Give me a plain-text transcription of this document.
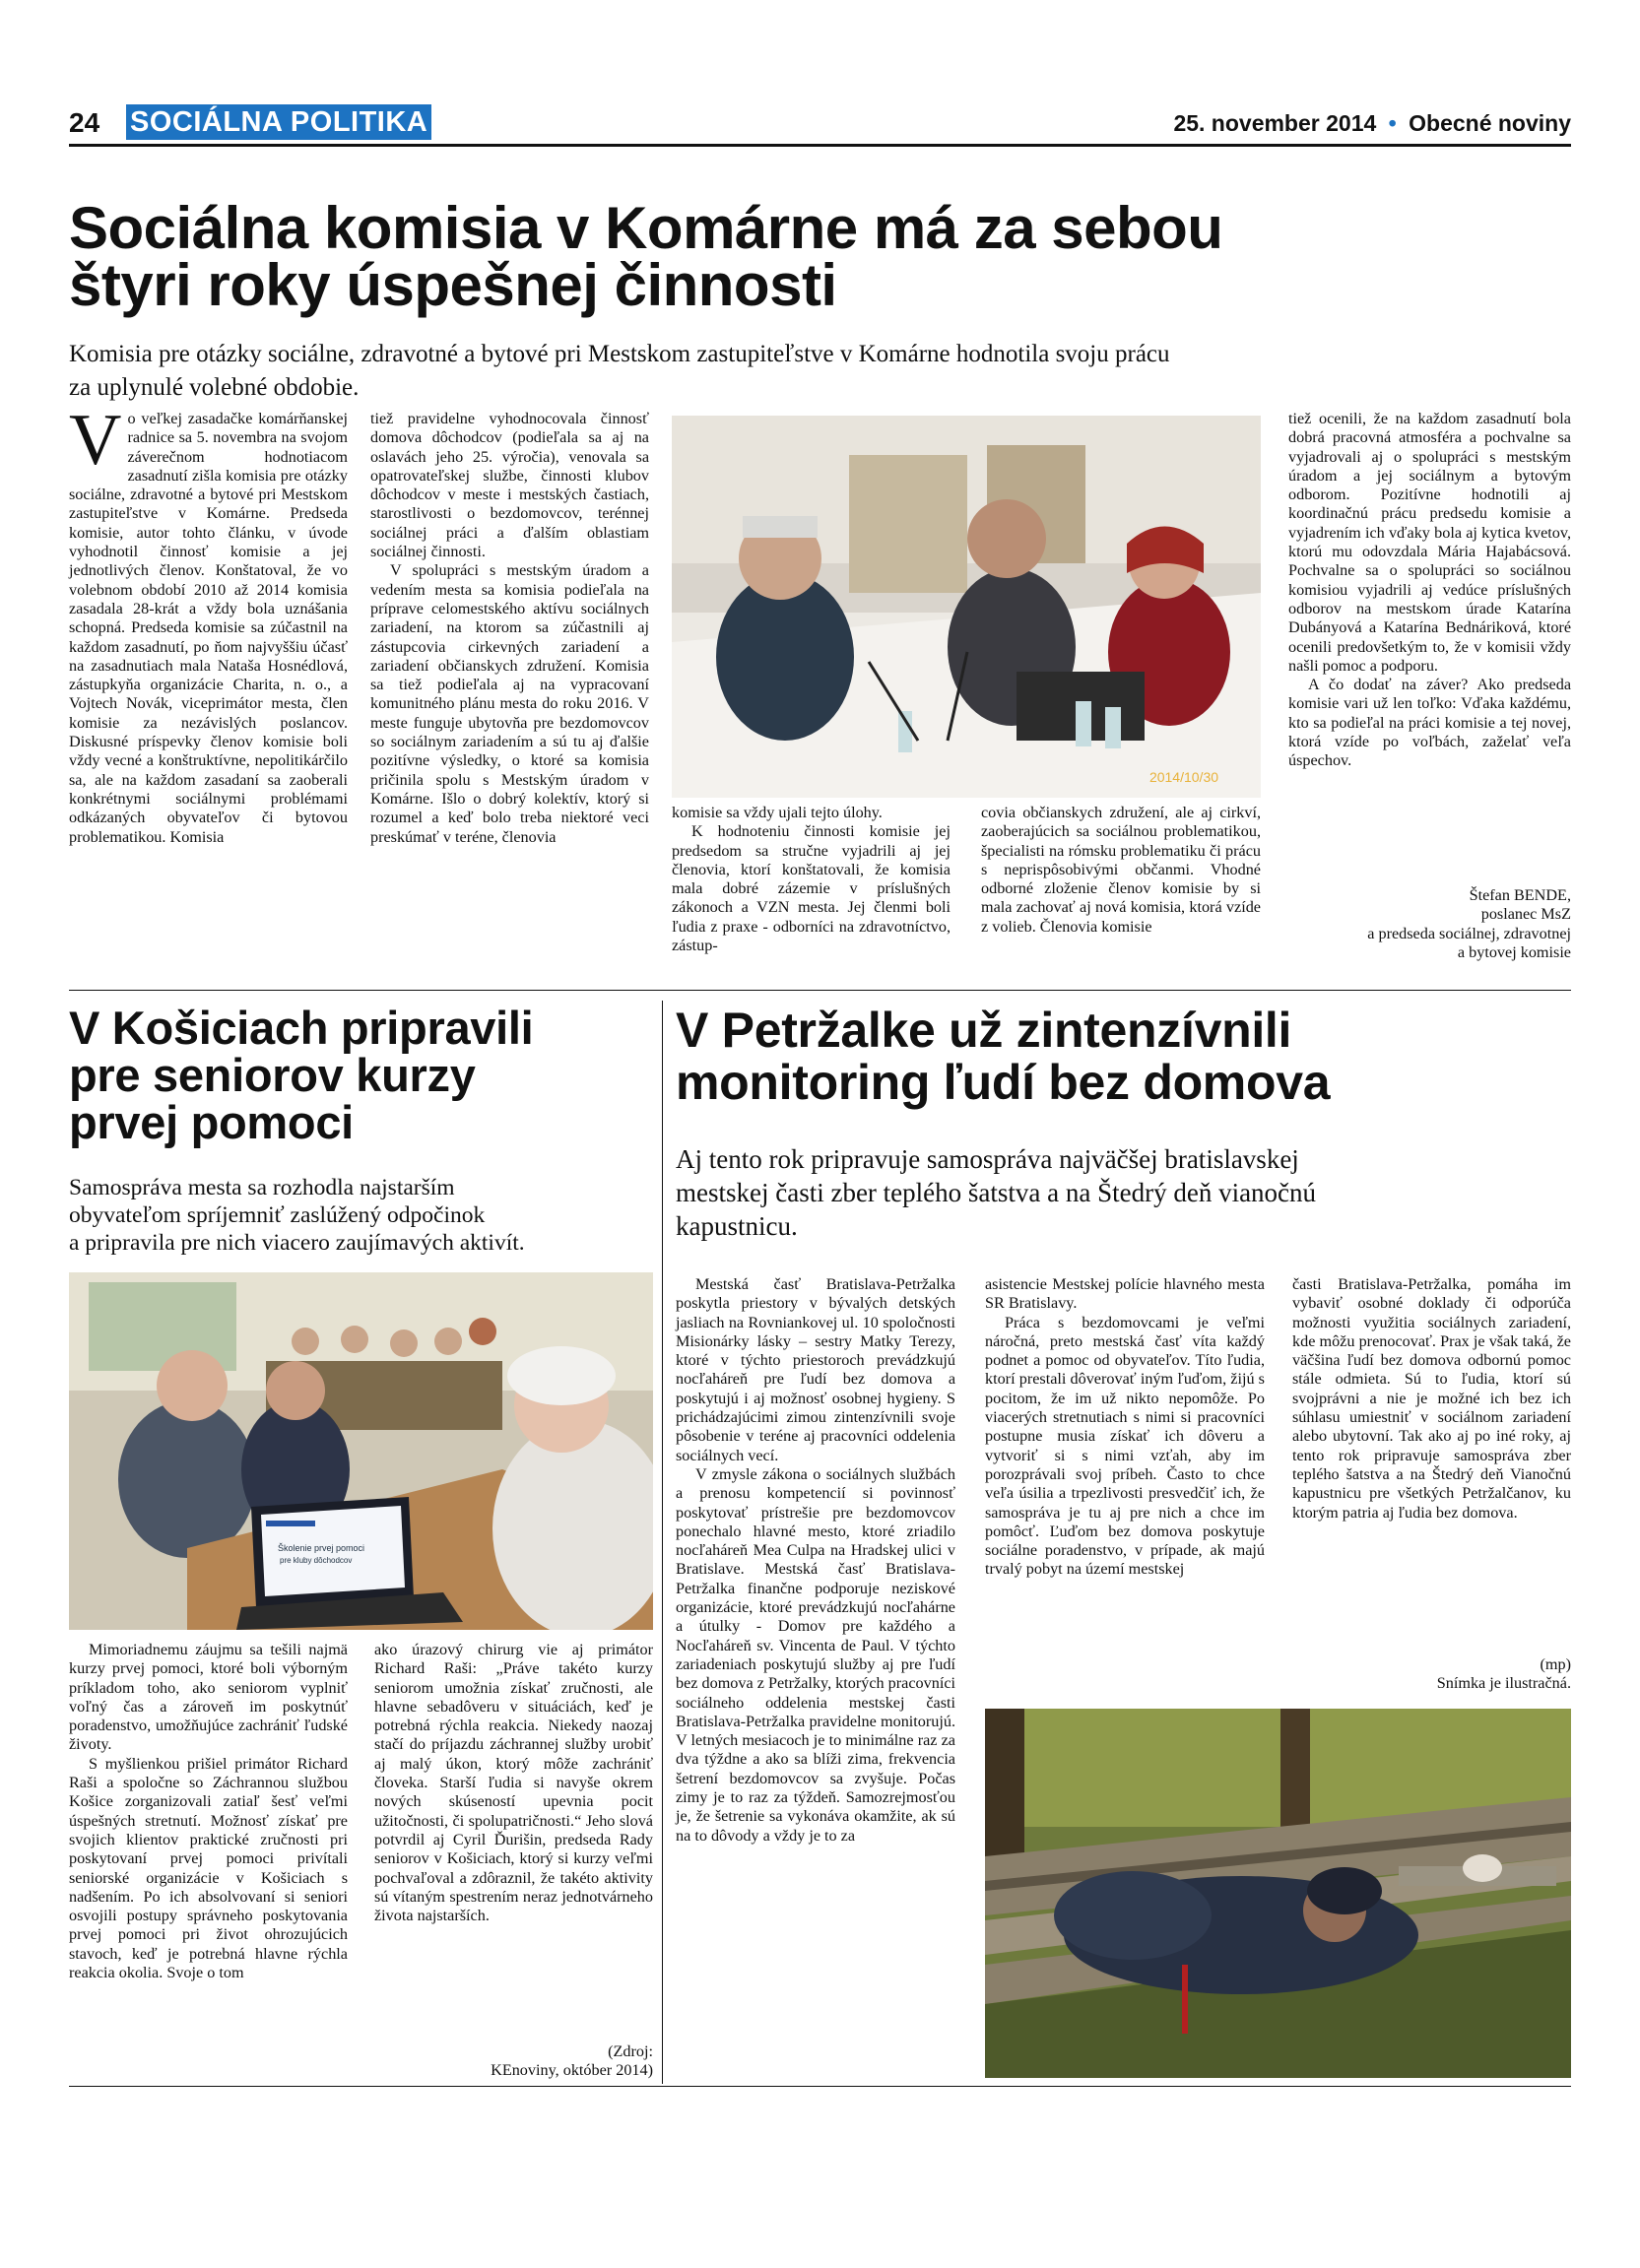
24 SOCIÁLNA POLITIKA	25. november 2014 • Obecné noviny
Sociálna komisia v Komárne má za sebou
štyri roky úspešnej činnosti
Komisia pre otázky sociálne, zdravotné a bytové pri Mestskom zastupiteľstve v Komárne hodnotila svoju prácu
za uplynulé volebné obdobie.

Vo veľkej zasadačke komárňanskej radnice sa 5. novembra na svojom záverečnom hodnotiacom zasadnutí zišla komisia pre otázky sociálne, zdravotné a bytové pri Mestskom zastupiteľstve v Komárne. Predseda komisie, autor tohto článku, v úvode vyhodnotil činnosť komisie a jej jednotlivých členov. Konštatoval, že vo volebnom období 2010 až 2014 komisia zasadala 28-krát a vždy bola uznášania schopná. Predseda komisie sa zúčastnil na každom zasadnutí, po ňom najvyššiu účasť na zasadnutiach mala Nataša Hosnédlová, zástupkyňa organizácie Charita, n. o., a Vojtech Novák, viceprimátor mesta, člen komisie za nezávislých poslancov. Diskusné príspevky členov komisie boli vždy vecné a konštruktívne, nepolitikárčilo sa, ale na každom zasadaní sa zaoberali konkrétnymi sociálnymi problémami odkázaných obyvateľov či bytovou problematikou. Komisia

tiež pravidelne vyhodnocovala činnosť domova dôchodcov (podieľala sa aj na oslavách jeho 25. výročia), venovala sa opatrovateľskej službe, činnosti klubov dôchodcov v meste i mestských častiach, starostlivosti o bezdomovcov, terénnej sociálnej práci a ďalším oblastiam sociálnej činnosti.

V spolupráci s mestským úradom a vedením mesta sa komisia podieľala na príprave celomestského aktívu sociálnych zariadení, na ktorom sa zúčastnili aj zástupcovia cirkevných zariadení a zariadení občianskych združení. Komisia sa tiež podieľala aj na vypracovaní komunitného plánu mesta do roku 2016. V meste funguje ubytovňa pre bezdomovcov so sociálnym zariadením a sú tu aj ďalšie pozitívne výsledky, o ktoré sa komisia pričinila spolu s Mestským úradom v Komárne. Išlo o dobrý kolektív, ktorý si rozumel a keď bolo treba niektoré veci preskúmať v teréne, členovia

2014/10/30

komisie sa vždy ujali tejto úlohy.

K hodnoteniu činnosti komisie jej predsedom sa stručne vyjadrili aj jej členovia, ktorí konštatovali, že komisia mala dobré zázemie v príslušných zákonoch a VZN mesta. Jej členmi boli ľudia z praxe - odborníci na zdravotníctvo, zástup-

covia občianskych združení, ale aj cirkví, zaoberajúcich sa sociálnou problematikou, špecialisti na rómsku problematiku či prácu s neprispôsobivými občanmi. Vhodné odborné zloženie členov komisie by si mala zachovať aj nová komisia, ktorá vzíde z volieb. Členovia komisie

tiež ocenili, že na každom zasadnutí bola dobrá pracovná atmosféra a pochvalne sa vyjadrovali aj o spolupráci s mestským úradom a jej sociálnym a bytovým odborom. Pozitívne hodnotili aj koordinačnú prácu predsedu komisie a vyjadrením ich vďaky bola aj kytica kvetov, ktorú mu odovzdala Mária Hajabácsová. Pochvalne sa o spolupráci so sociálnou komisiou vyjadrili aj vedúce príslušných odborov na mestskom úrade Katarína Dubányová a Katarína Bednáriková, ktoré ocenili predovšetkým to, že v komisii vždy našli pomoc a podporu.

A čo dodať na záver? Ako predseda komisie vari už len toľko: Vďaka každému, kto sa podieľal na práci komisie a tej novej, ktorá vzíde po voľbách, zaželať veľa úspechov.

Štefan BENDE,
poslanec MsZ
a predseda sociálnej, zdravotnej
a bytovej komisie
V Košiciach pripravili
pre seniorov kurzy
prvej pomoci
Samospráva mesta sa rozhodla najstarším
obyvateľom spríjemniť zaslúžený odpočinok
a pripravila pre nich viacero zaujímavých aktivít.
Školenie prvej pomoci
pre kluby dôchodcov

Mimoriadnemu záujmu sa tešili najmä kurzy prvej pomoci, ktoré boli výborným príkladom toho, ako seniorom vyplniť voľný čas a zároveň im poskytnúť poradenstvo, umožňujúce zachrániť ľudské životy.

S myšlienkou prišiel primátor Richard Raši a spoločne so Záchrannou službou Košice zorganizovali zatiaľ šesť veľmi úspešných stretnutí. Možnosť získať pre svojich klientov praktické zručnosti pri poskytovaní prvej pomoci privítali seniorské organizácie v Košiciach s nadšením. Po ich absolvovaní si seniori osvojili postupy správneho poskytovania prvej pomoci pri život ohrozujúcich stavoch, keď je potrebná hlavne rýchla reakcia okolia. Svoje o tom

ako úrazový chirurg vie aj primátor Richard Raši: „Práve takéto kurzy seniorom umožnia získať zručnosti, ale hlavne sebadôveru v situáciách, keď je potrebná rýchla reakcia. Niekedy naozaj stačí do príjazdu záchrannej služby urobiť aj malý úkon, ktorý môže zachrániť človeka. Starší ľudia si navyše okrem nových skúseností upevnia pocit užitočnosti, či spolupatričnosti.“ Jeho slová potvrdil aj Cyril Ďurišin, predseda Rady seniorov v Košiciach, ktorý si kurzy veľmi pochvaľoval a zdôraznil, že takéto aktivity sú vítaným spestrením neraz jednotvárneho života najstarších.

(Zdroj:
KEnoviny, október 2014)
V Petržalke už zintenzívnili
monitoring ľudí bez domova
Aj tento rok pripravuje samospráva najväčšej bratislavskej
mestskej časti zber teplého šatstva a na Štedrý deň vianočnú
kapustnicu.

Mestská časť Bratislava-Petržalka poskytla priestory v bývalých detských jasliach na Rovniankovej ul. 10 spoločnosti Misionárky lásky – sestry Matky Terezy, ktoré v týchto priestoroch prevádzkujú nocľaháreň pre ľudí bez domova a poskytujú i aj možnosť osobnej hygieny. S prichádzajúcimi zimou zintenzívnili svoje pôsobenie v teréne aj pracovníci oddelenia sociálnych vecí.

V zmysle zákona o sociálnych službách a prenosu kompetencií si povinnosť poskytovať prístrešie pre bezdomovcov ponechalo hlavné mesto, ktoré zriadilo nocľaháreň Mea Culpa na Hradskej ulici v Bratislave. Mestská časť Bratislava-Petržalka finančne podporuje neziskové organizácie, ktoré prevádzkujú nocľahárne a útulky - Domov pre každého a Nocľaháreň sv. Vincenta de Paul. V týchto zariadeniach poskytujú služby aj pre ľudí bez domova z Petržalky, ktorých pracovníci sociálneho oddelenia mestskej časti Bratislava-Petržalka pravidelne monitorujú. V letných mesiacoch je to minimálne raz za dva týždne a ako sa blíži zima, frekvencia šetrení bezdomovcov sa zvyšuje. Počas zimy je to raz za týždeň. Samozrejmosťou je, že šetrenie sa vykonáva okamžite, ak sú na to dôvody a vždy je to za

asistencie Mestskej polície hlavného mesta SR Bratislavy.

Práca s bezdomovcami je veľmi náročná, preto mestská časť víta každý podnet a pomoc od obyvateľov. Títo ľudia, ktorí prestali dôverovať iným ľuďom, žijú s pocitom, že im už nikto nepomôže. Po viacerých stretnutiach s nimi si pracovníci postupne musia získať ich dôveru a vytvoriť si s nimi vzťah, aby im porozprávali svoj príbeh. Často to chce veľa úsilia a trpezlivosti presvedčiť ich, že samospráva je tu aj pre nich a chce im pomôcť. Ľuďom bez domova poskytuje sociálne poradenstvo, v prípade, ak majú trvalý pobyt na území mestskej

časti Bratislava-Petržalka, pomáha im vybaviť osobné doklady či odporúča možnosti využitia sociálnych zariadení, kde môžu prenocovať. Prax je však taká, že väčšina ľudí bez domova odbornú pomoc stále odmieta. Sú to ľudia, ktorí sú svojprávni a nie je možné ich bez ich súhlasu umiestniť v sociálnom zariadení alebo ubytovní. Tak ako aj po iné roky, aj tento rok pripravuje samospráva zber teplého šatstva a na Štedrý deň Vianočnú kapustnicu pre všetkých Petržalčanov, ku ktorým patria aj ľudia bez domova.

(mp)
Snímka je ilustračná.
